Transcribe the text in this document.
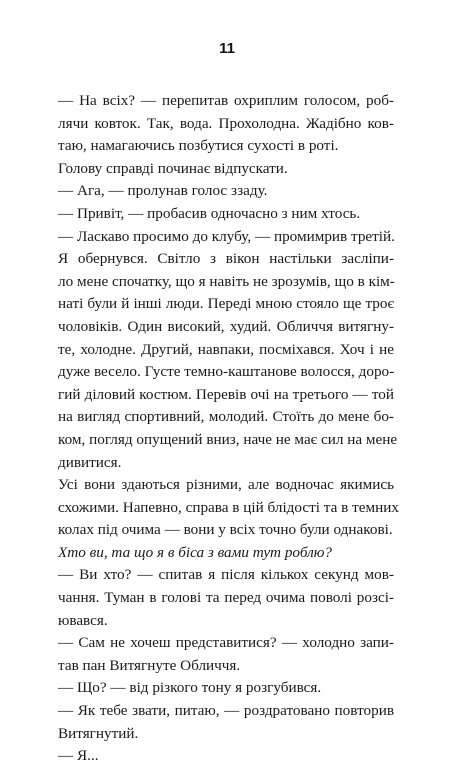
11
— На всіх? — перепитав охриплим голосом, роб-
лячи ковток. Так, вода. Прохолодна. Жадібно ков-
таю, намагаючись позбутися сухості в роті.
Голову справді починає відпускати.
— Ага, — пролунав голос ззаду.
— Привіт, — пробасив одночасно з ним хтось.
— Ласкаво просимо до клубу, — промимрив третій.
Я обернувся. Світло з вікон настільки засліпи-
ло мене спочатку, що я навіть не зрозумів, що в кім-
наті були й інші люди. Переді мною стояло ще троє
чоловіків. Один високий, худий. Обличчя витягну-
те, холодне. Другий, навпаки, посміхався. Хоч і не
дуже весело. Густе темно-каштанове волосся, доро-
гий діловий костюм. Перевів очі на третього — той
на вигляд спортивний, молодий. Стоїть до мене бо-
ком, погляд опущений вниз, наче не має сил на мене
дивитися.
Усі вони здаються різними, але водночас якимись
схожими. Напевно, справа в цій блідості та в темних
колах під очима — вони у всіх точно були однакові.
Хто ви, та що я в біса з вами тут роблю?
— Ви хто? — спитав я після кількох секунд мов-
чання. Туман в голові та перед очима поволі розсі-
ювався.
— Сам не хочеш представитися? — холодно запи-
тав пан Витягнуте Обличчя.
— Що? — від різкого тону я розгубився.
— Як тебе звати, питаю, — роздратовано повторив
Витягнутий.
— Я...
